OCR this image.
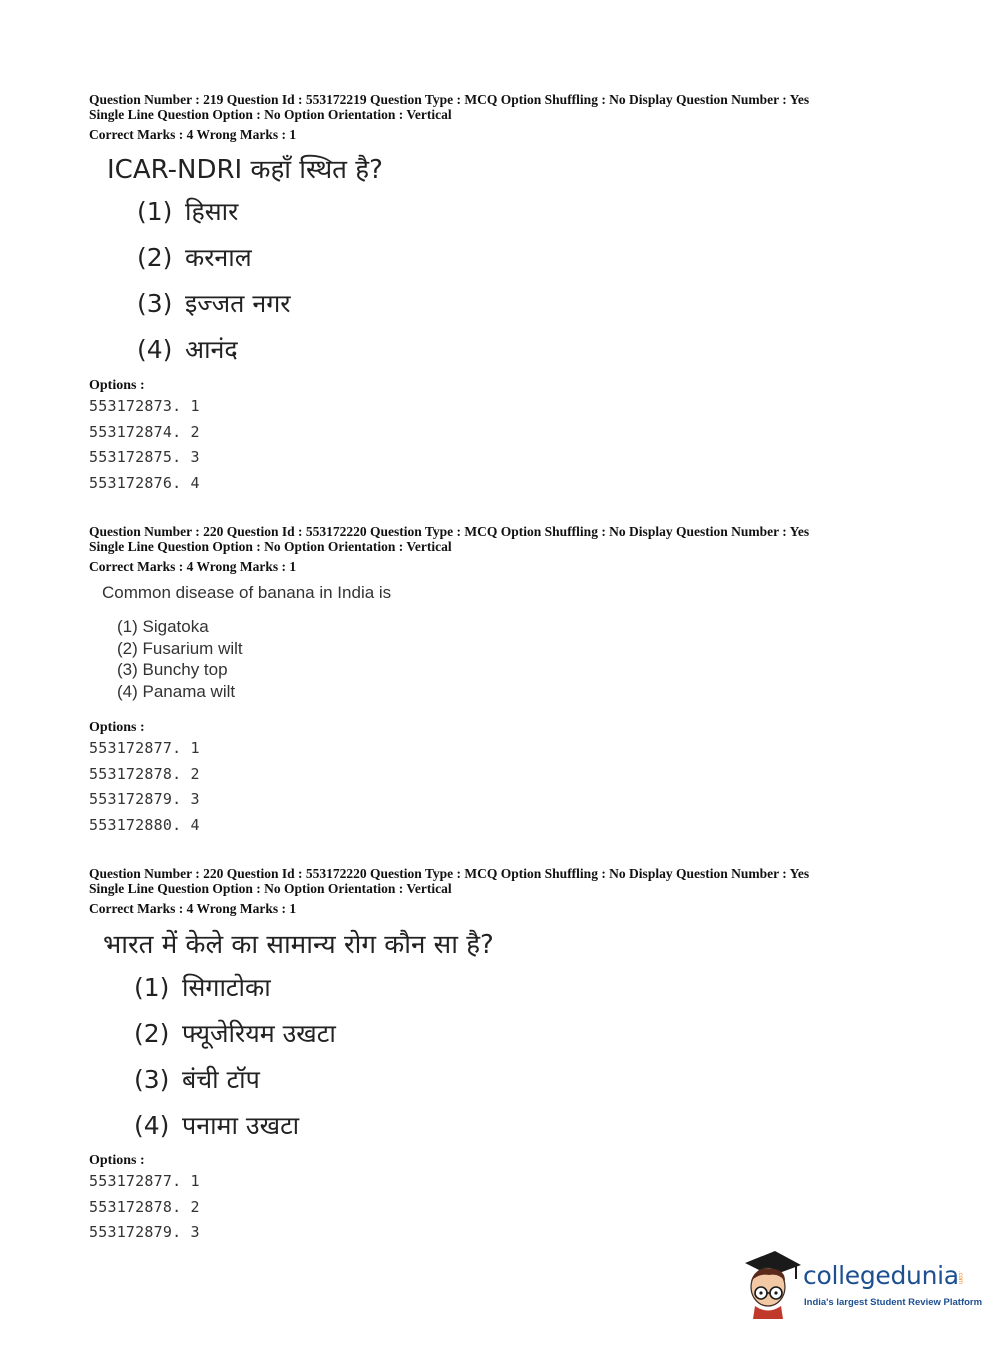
Question Number : 219 Question Id : 553172219 Question Type : MCQ Option Shuffling : No Display Question Number : Yes
Single Line Question Option : No Option Orientation : Vertical
Correct Marks : 4 Wrong Marks : 1
ICAR-NDRI कहाँ स्थित है?
(1) हिसार
(2) करनाल
(3) इज्जत नगर
(4) आनंद
Options :
553172873. 1
553172874. 2
553172875. 3
553172876. 4
Question Number : 220 Question Id : 553172220 Question Type : MCQ Option Shuffling : No Display Question Number : Yes
Single Line Question Option : No Option Orientation : Vertical
Correct Marks : 4 Wrong Marks : 1
Common disease of banana in India is
(1) Sigatoka
(2) Fusarium wilt
(3) Bunchy top
(4) Panama wilt
Options :
553172877. 1
553172878. 2
553172879. 3
553172880. 4
Question Number : 220 Question Id : 553172220 Question Type : MCQ Option Shuffling : No Display Question Number : Yes
Single Line Question Option : No Option Orientation : Vertical
Correct Marks : 4 Wrong Marks : 1
भारत में केले का सामान्य रोग कौन सा है?
(1) सिगाटोका
(2) फ्यूजेरियम उखटा
(3) बंची टॉप
(4) पनामा उखटा
Options :
553172877. 1
553172878. 2
553172879. 3
collegedunia
.com
India's largest Student Review Platform
